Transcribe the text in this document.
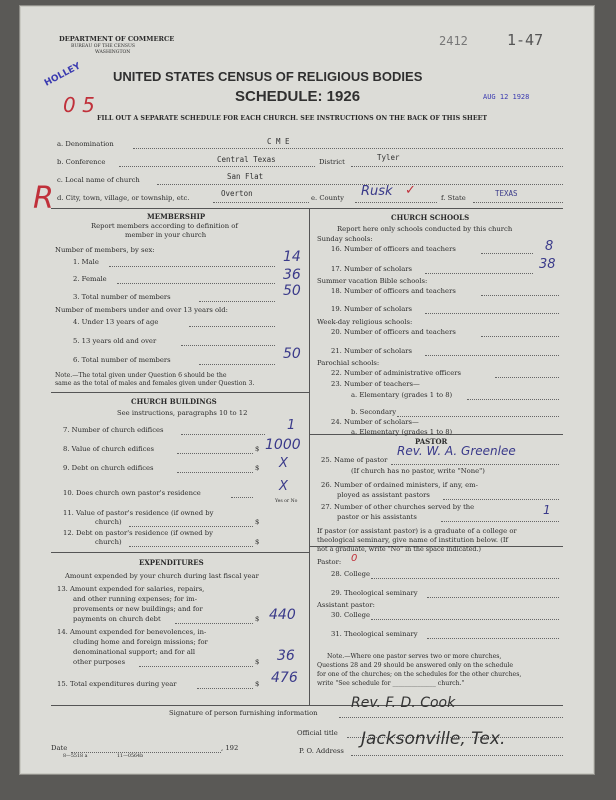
DEPARTMENT OF COMMERCE
BUREAU OF THE CENSUS
WASHINGTON
2412	1-47
HOLLEY
0 5
UNITED STATES CENSUS OF RELIGIOUS BODIES
SCHEDULE: 1926	AUG 12 1928
FILL OUT A SEPARATE SCHEDULE FOR EACH CHURCH. SEE INSTRUCTIONS ON THE BACK OF THIS SHEET
R
a. Denomination	C M E
b. Conference	Central Texas	District	Tyler
c. Local name of church	San Flat
d. City, town, village, or township, etc.	Overton	e. County Rusk ✓	f. State	TEXAS
MEMBERSHIP
Report members according to definition of
member in your church
Number of members, by sex:
1. Male	14
2. Female	36
3. Total number of members	50
Number of members under and over 13 years old:
4. Under 13 years of age
5. 13 years old and over
6. Total number of members	50
Note.—The total given under Question 6 should be the
same as the total of males and females given under Question 3.
CHURCH BUILDINGS
See instructions, paragraphs 10 to 12
7. Number of church edifices	1
8. Value of church edifices	$ 1000
9. Debt on church edifices	$ X
10. Does church own pastor's residence	X
Yes or No
11. Value of pastor's residence (if owned by
church)	$
12. Debt on pastor's residence (if owned by
church)	$
EXPENDITURES
Amount expended by your church during last fiscal year
13. Amount expended for salaries, repairs,
and other running expenses; for im-
provements or new buildings; and for
payments on church debt	$ 440
14. Amount expended for benevolences, in-
cluding home and foreign missions; for
denominational support; and for all
other purposes	$ 36
15. Total expenditures during year	$ 476
CHURCH SCHOOLS
Report here only schools conducted by this church
Sunday schools:
16. Number of officers and teachers	8
17. Number of scholars	38
Summer vacation Bible schools:
18. Number of officers and teachers
19. Number of scholars
Week-day religious schools:
20. Number of officers and teachers
21. Number of scholars
Parochial schools:
22. Number of administrative officers
23. Number of teachers—
a. Elementary (grades 1 to 8)
b. Secondary
24. Number of scholars—
a. Elementary (grades 1 to 8)
PASTOR
25. Name of pastor
Rev. W. A. Greenlee
(If church has no pastor, write "None")
26. Number of ordained ministers, if any, em-
ployed as assistant pastors
27. Number of other churches served by the
pastor or his assistants	1
If pastor (or assistant pastor) is a graduate of a college or
theological seminary, give name of institution below. (If
not a graduate, write "No" in the space indicated.)
Pastor: 0
28. College
29. Theological seminary
Assistant pastor:
30. College
31. Theological seminary
Note.—Where one pastor serves two or more churches,
Questions 28 and 29 should be answered only on the schedule
for one of the churches; on the schedules for the other churches,
write "See schedule for ______________ church."
Signature of person furnishing information
Rev. F. D. Cook
Official title
Date	, 192	P. O. Address
Jacksonville, Tex.
8—5518 a	11—0564b
